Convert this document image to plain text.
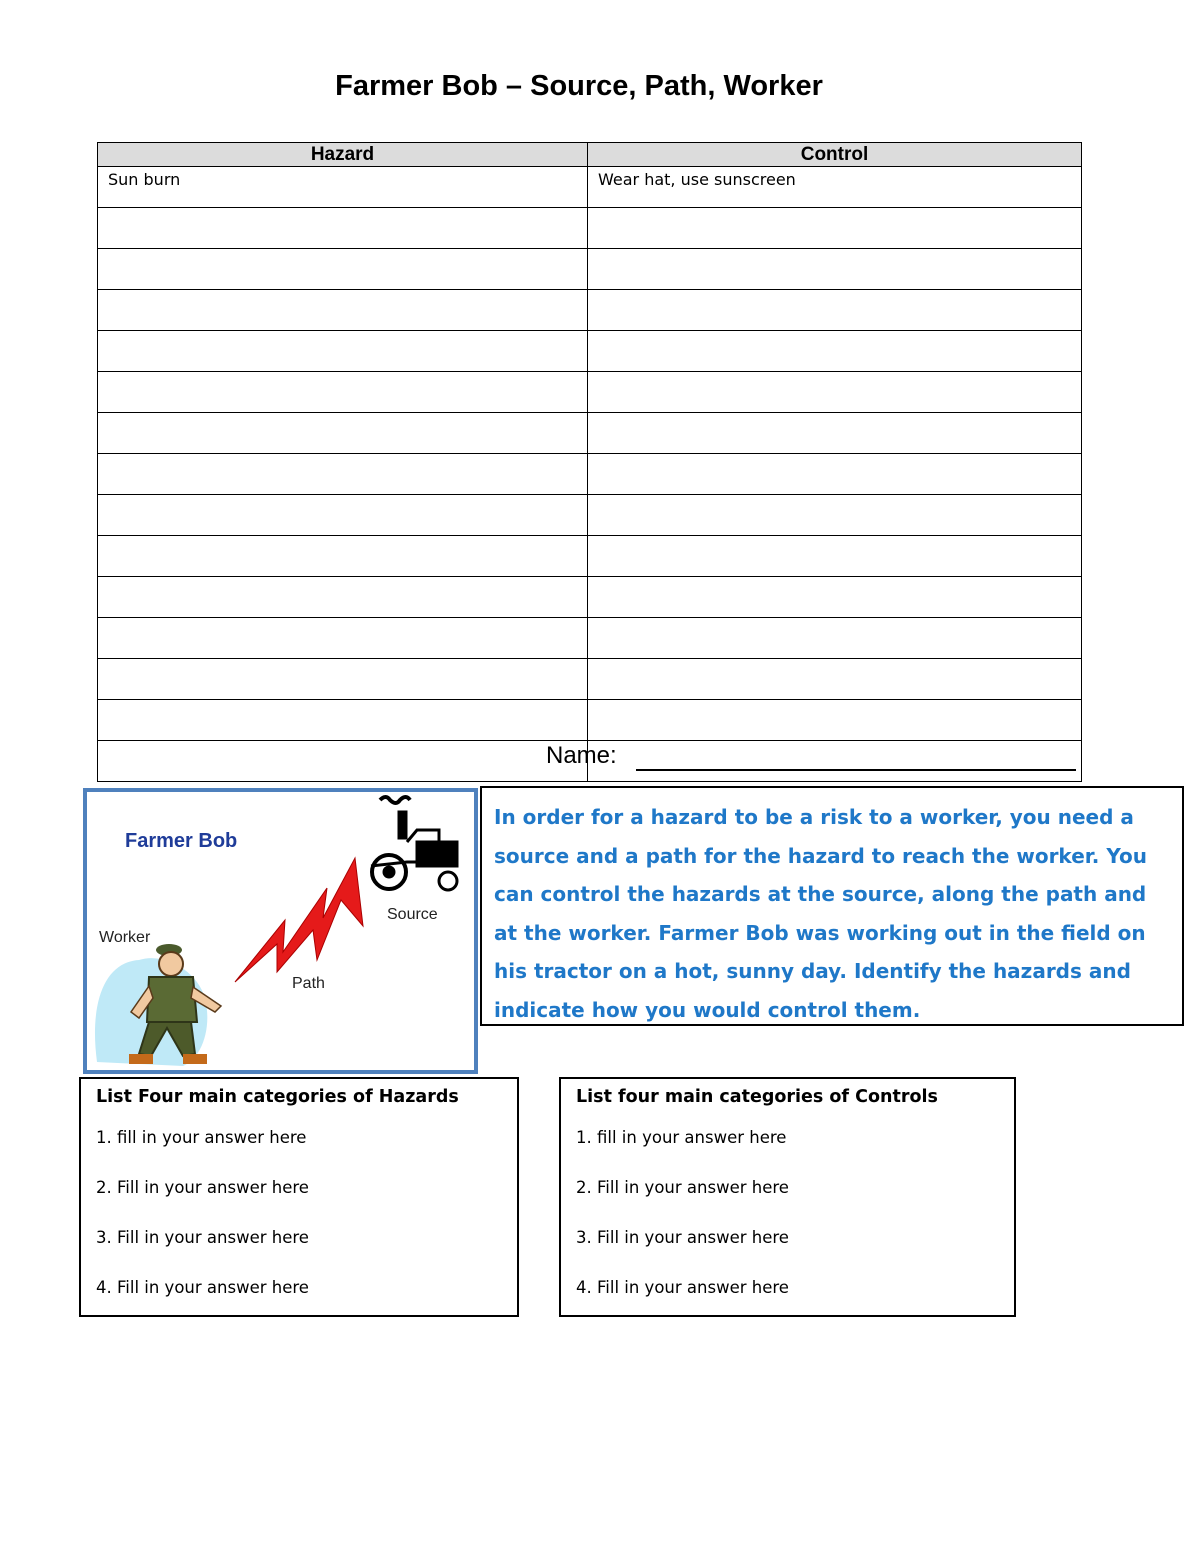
Farmer Bob – Source, Path, Worker
Hazard	Control
Sun burn	Wear hat, use sunscreen

Name:
Farmer Bob
Worker
Path
Source
In order for a hazard to be a risk to a worker, you need a source and a path for the hazard to reach the worker. You can control the hazards at the source, along the path and at the worker. Farmer Bob was working out in the field on his tractor on a hot, sunny day. Identify the hazards and indicate how you would control them.
List Four main categories of Hazards
1. fill in your answer here
2. Fill in your answer here
3. Fill in your answer here
4. Fill in your answer here
List four main categories of Controls
1. fill in your answer here
2. Fill in your answer here
3. Fill in your answer here
4. Fill in your answer here
